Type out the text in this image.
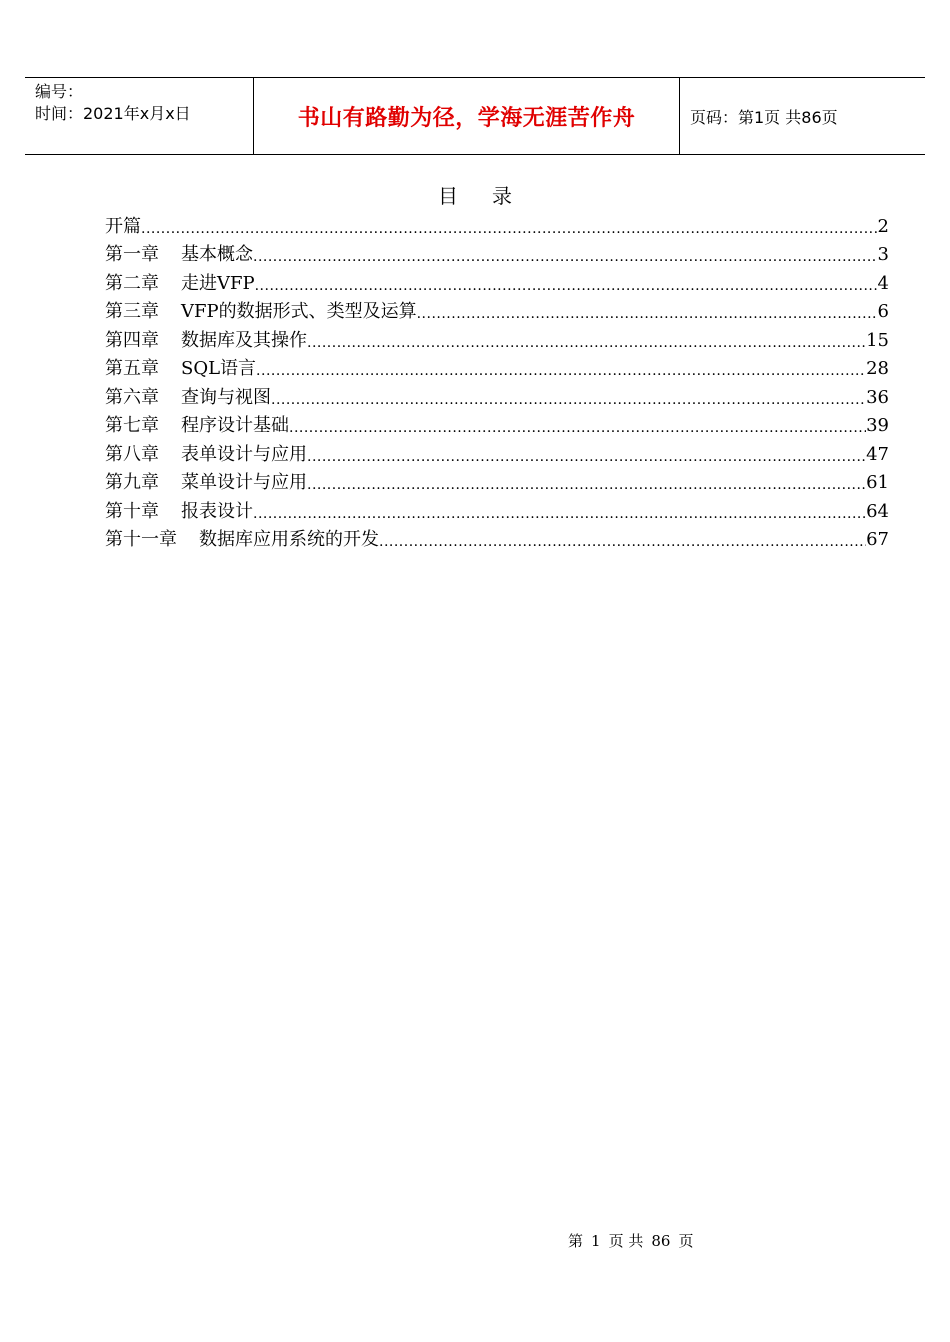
编号：
时间：2021年x月x日	书山有路勤为径，学海无涯苦作舟	页码：第1页 共86页
目 录
开篇 .....	2
第一章 基本概念 .....	3
第二章 走进VFP .....	4
第三章 VFP的数据形式、类型及运算 .....	6
第四章 数据库及其操作 .....	15
第五章 SQL语言 .....	28
第六章 查询与视图 .....	36
第七章 程序设计基础 .....	39
第八章 表单设计与应用 .....	47
第九章 菜单设计与应用 .....	61
第十章 报表设计 .....	64
第十一章 数据库应用系统的开发 .....	67
第 1 页 共 86 页
